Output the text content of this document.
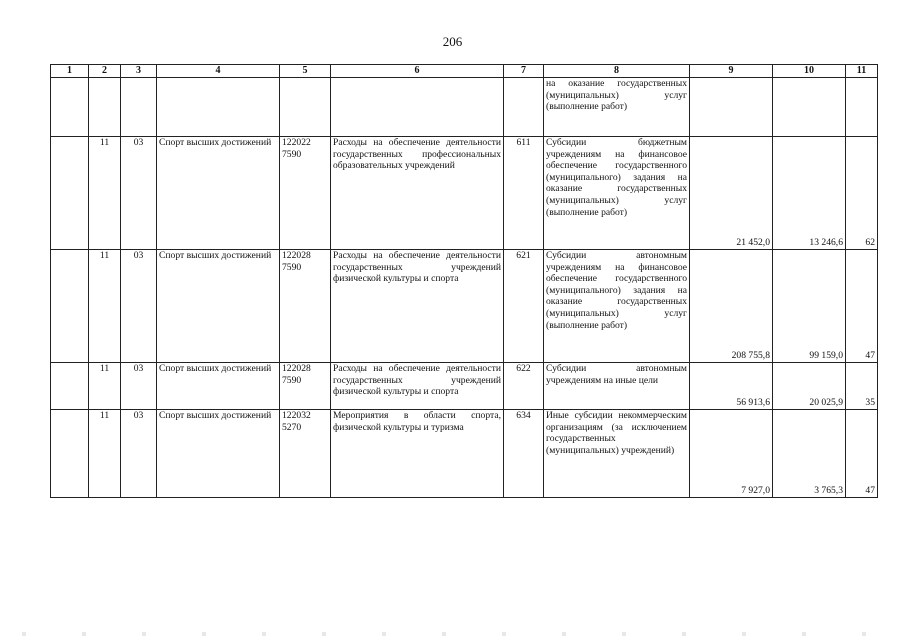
206
1	2	3	4	5	6	7	8	9	10	11
							на оказание государственных (муниципальных) услуг (выполнение работ)			
	11	03	Спорт высших достижений	122022 7590	Расходы на обеспечение деятельности государственных профессиональных образовательных учреждений	611	Субсидии бюджетным учреждениям на финансовое обеспечение государственного (муниципального) задания на оказание государственных (муниципальных) услуг (выполнение работ)	21 452,0	13 246,6	62
	11	03	Спорт высших достижений	122028 7590	Расходы на обеспечение деятельности государственных учреждений физической культуры и спорта	621	Субсидии автономным учреждениям на финансовое обеспечение государственного (муниципального) задания на оказание государственных (муниципальных) услуг (выполнение работ)	208 755,8	99 159,0	47
	11	03	Спорт высших достижений	122028 7590	Расходы на обеспечение деятельности государственных учреждений физической культуры и спорта	622	Субсидии автономным учреждениям на иные цели	56 913,6	20 025,9	35
	11	03	Спорт высших достижений	122032 5270	Мероприятия в области спорта, физической культуры и туризма	634	Иные субсидии некоммерческим организациям (за исключением государственных (муниципальных) учреждений)	7 927,0	3 765,3	47
